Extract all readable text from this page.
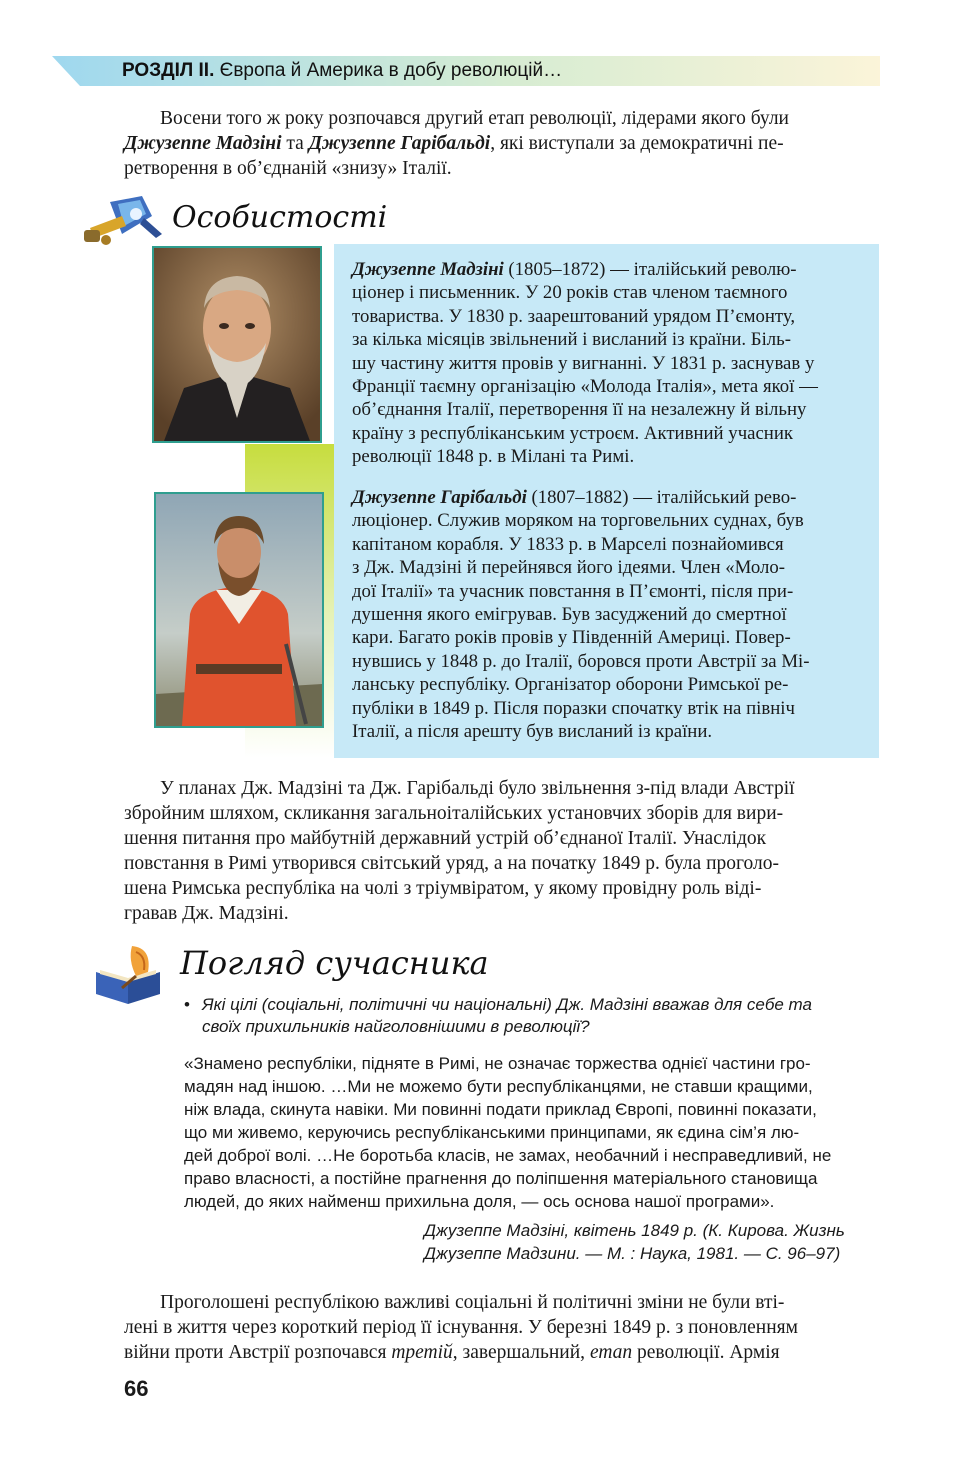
РОЗДІЛ ІІ. Європа й Америка в добу революцій…

Восени того ж року розпочався другий етап революції, лідерами якого були

Джузеппе Мадзіні та Джузеппе Гарібальді, які виступали за демократичні пе-
ретворення в об’єднаній «знизу» Італії.
Особистості
Джузеппе Мадзіні (1805–1872) — італійський револю-
ціонер і письменник. У 20 років став членом таємного
товариства. У 1830 р. заарештований урядом П’ємонту,
за кілька місяців звільнений і висланий із країни. Біль-
шу частину життя провів у вигнанні. У 1831 р. заснував у
Франції таємну організацію «Молода Італія», мета якої —
об’єднання Італії, перетворення її на незалежну й вільну
країну з республіканським устроєм. Активний учасник
революції 1848 р. в Мілані та Римі.
Джузеппе Гарібальді (1807–1882) — італійський рево-
люціонер. Служив моряком на торговельних суднах, був
капітаном корабля. У 1833 р. в Марселі познайомився
з Дж. Мадзіні й перейнявся його ідеями. Член «Моло-
дої Італії» та учасник повстання в П’ємонті, після при-
душення якого емігрував. Був засуджений до смертної
кари. Багато років провів у Південній Америці. Повер-
нувшись у 1848 р. до Італії, боровся проти Австрії за Мі-
ланську республіку. Організатор оборони Римської ре-
публіки в 1849 р. Після поразки спочатку втік на північ
Італії, а після арешту був висланий із країни.

У планах Дж. Мадзіні та Дж. Гарібальді було звільнення з-під влади Австрії

збройним шляхом, скликання загальноіталійських установчих зборів для вири-
шення питання про майбутній державний устрій об’єднаної Італії. Унаслідок
повстання в Римі утворився світський уряд, а на початку 1849 р. була проголо-
шена Римська республіка на чолі з тріумвіратом, у якому провідну роль віді-
гравав Дж. Мадзіні.
Погляд сучасника
• Які цілі (соціальні, політичні чи національні) Дж. Мадзіні вважав для себе та
своїх прихильників найголовнішими в революції?
«Знамено республіки, підняте в Римі, не означає торжества однієї частини гро-
мадян над іншою. …Ми не можемо бути республіканцями, не ставши кращими,
ніж влада, скинута навіки. Ми повинні подати приклад Європі, повинні показати,
що ми живемо, керуючись республіканськими принципами, як єдина сім’я лю-
дей доброї волі. …Не боротьба класів, не замах, необачний і несправедливий, не
право власності, а постійне прагнення до поліпшення матеріального становища
людей, до яких найменш прихильна доля, — ось основа нашої програми».
Джузеппе Мадзіні, квітень 1849 р. (К. Кирова. Жизнь
Джузеппе Мадзини. — М. : Наука, 1981. — С. 96–97)

Проголошені республікою важливі соціальні й політичні зміни не були вті-

лені в життя через короткий період її існування. У березні 1849 р. з поновленням
війни проти Австрії розпочався третій, завершальний, етап революції. Армія
66
